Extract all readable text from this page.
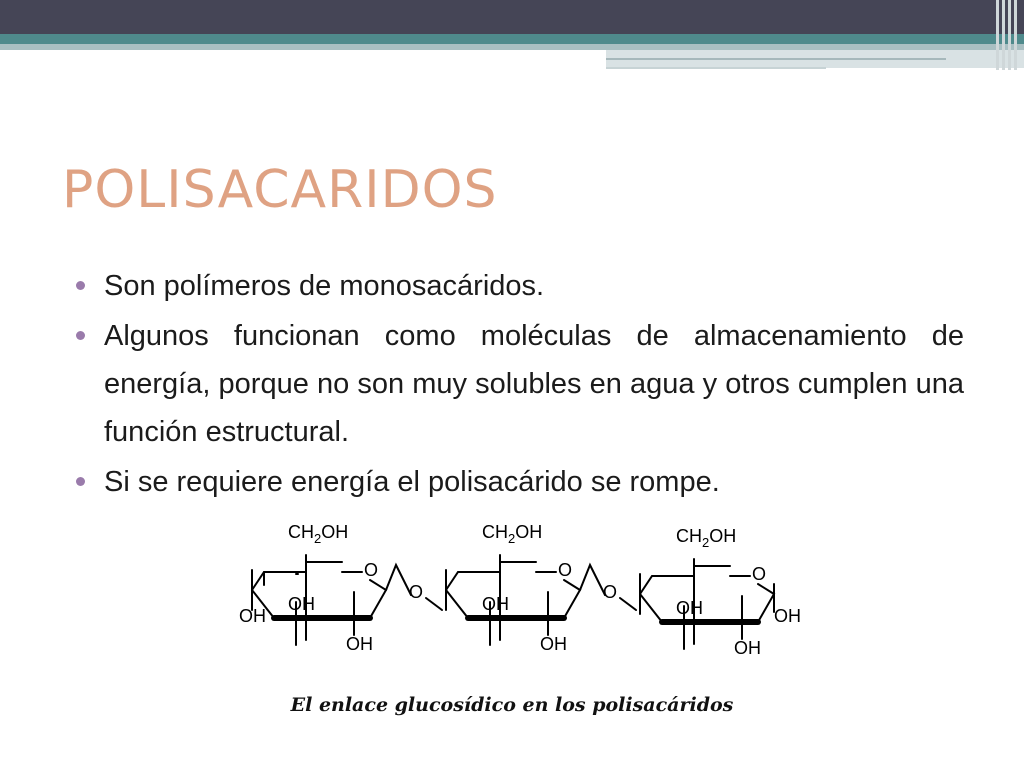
POLISACARIDOS
Son polímeros de monosacáridos.
Algunos funcionan como moléculas de almacenamiento de energía, porque no son muy solubles en agua y otros cumplen una función estructural.
Si se requiere energía el polisacárido se rompe.
$CH_2OH$
O
OH
OH
OH
O
$CH_2OH$
O
OH
OH
O
$CH_2OH$
O
OH
OH
OH
El enlace glucosídico en los polisacáridos
